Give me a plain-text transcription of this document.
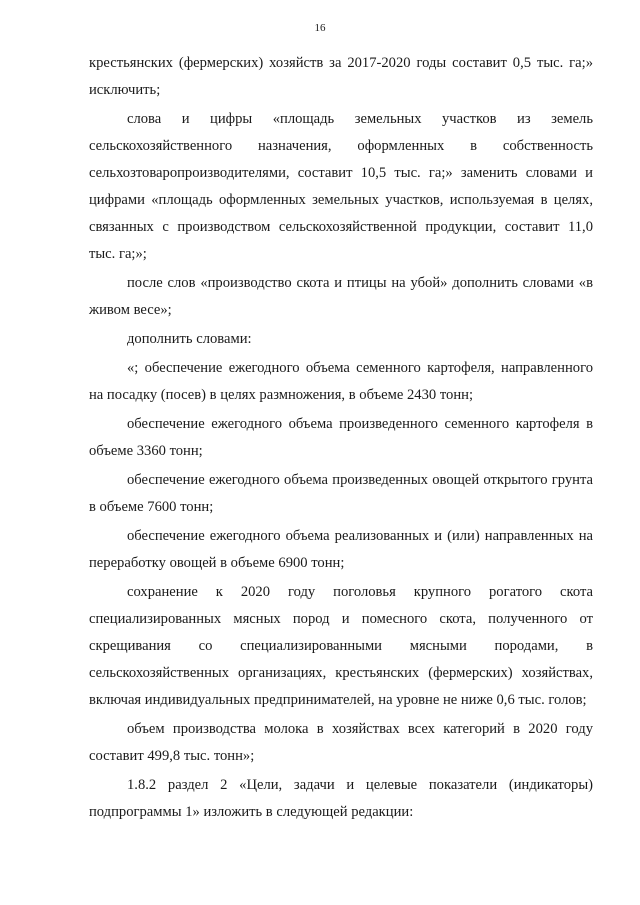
16

крестьянских (фермерских) хозяйств за 2017-2020 годы составит 0,5 тыс. га;» исключить;

слова и цифры «площадь земельных участков из земель сельскохозяйственного назначения, оформленных в собственность сельхозтоваропроизводителями, составит 10,5 тыс. га;» заменить словами и цифрами «площадь оформленных земельных участков, используемая в целях, связанных с производством сельскохозяйственной продукции, составит 11,0 тыс. га;»;

после слов «производство скота и птицы на убой» дополнить словами «в живом весе»;

дополнить словами:

«; обеспечение ежегодного объема семенного картофеля, направленного на посадку (посев) в целях размножения, в объеме 2430 тонн;

обеспечение ежегодного объема произведенного семенного картофеля в объеме 3360 тонн;

обеспечение ежегодного объема произведенных овощей открытого грунта в объеме 7600 тонн;

обеспечение ежегодного объема реализованных и (или) направленных на переработку овощей в объеме 6900 тонн;

сохранение к 2020 году поголовья крупного рогатого скота специализированных мясных пород и помесного скота, полученного от скрещивания со специализированными мясными породами, в сельскохозяйственных организациях, крестьянских (фермерских) хозяйствах, включая индивидуальных предпринимателей, на уровне не ниже 0,6 тыс. голов;

объем производства молока в хозяйствах всех категорий в 2020 году составит 499,8 тыс. тонн»;

1.8.2 раздел 2 «Цели, задачи и целевые показатели (индикаторы) подпрограммы 1» изложить в следующей редакции:
